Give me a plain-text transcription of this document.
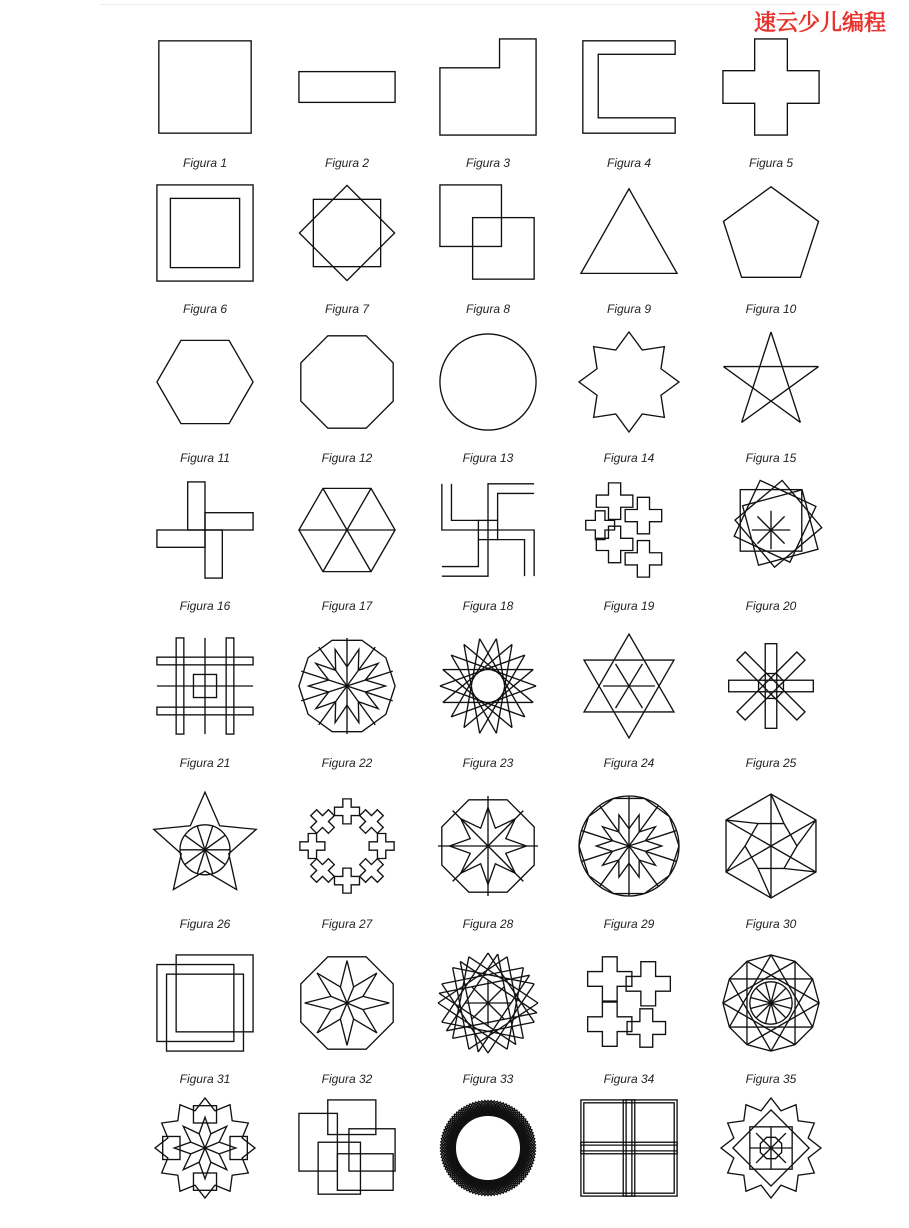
速云少儿编程
Figura 1	Figura 2	Figura 3	Figura 4	Figura 5
Figura 6	Figura 7	Figura 8	Figura 9	Figura 10
Figura 11	Figura 12	Figura 13	Figura 14	Figura 15
Figura 16	Figura 17	Figura 18	Figura 19	Figura 20
Figura 21	Figura 22	Figura 23	Figura 24	Figura 25
Figura 26	Figura 27	Figura 28	Figura 29	Figura 30
Figura 31	Figura 32	Figura 33	Figura 34	Figura 35
